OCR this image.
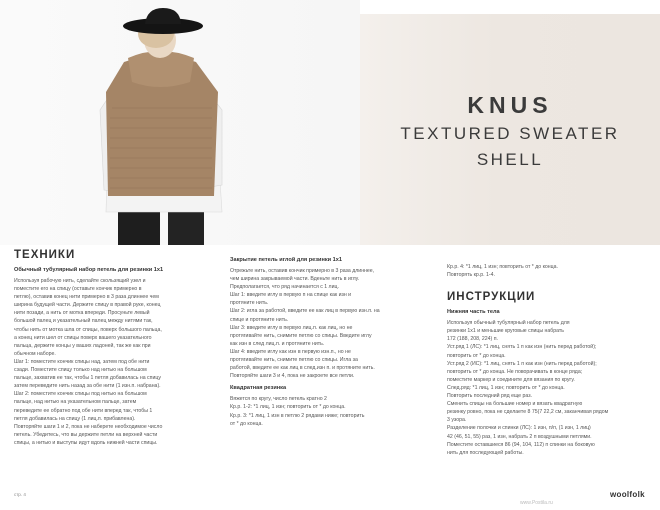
KNUS
TEXTURED SWEATER
SHELL
ТЕХНИКИ
Обычный тубулярный набор петель для резинки 1х1
Используя рабочую нить, сделайте скользящий узел и
поместите его на спицу (оставьте кончик примерно в
петлю), оставив конец нити примерно в 3 раза длиннее чем
ширина будущей части. Держите спицу в правой руке, конец
нити позади, а нить от мотка впереди. Просуньте левый
большой палец и указательный палец между нитями так,
чтобы нить от мотка шла от спицы, поверх большого пальца,
а конец нити шел от спицы поверх вашего указательного
пальца, держите концы у ваших ладоней, так же как при
обычном наборе.
Шаг 1: поместите кончик спицы над, затем под обе нити
сзади. Поместите спицу только над нитью на большом
пальце, захватив ее так, чтобы 1 петля добавилась на спицу
затем переведите нить назад за обе нити (1 изн.п. набрана).
Шаг 2: поместите кончик спицы под нитью на большом
пальце, над нитью на указательном пальце, затем
переведите ее обратно под обе нити вперед так, чтобы 1
петля добавилась на спицу (1 лиц.п. прибавлена).
Повторяйте шаги 1 и 2, пока не наберете необходимое число
петель. Убедитесь, что вы держите петли на верхней части
спицы, а нитью и выступы идут вдоль нижней части спицы.
Закрытие петель иглой для резинки 1х1
Отрежьте нить, оставив кончик примерно в 3 раза длиннее,
чем ширина закрываемой части. Вденьте нить в иглу.
Предполагается, что ряд начинается с 1 лиц.
Шаг 1: введите иглу в первую п на спице как изн и
протяните нить.
Шаг 2: игла за работой, введите ее как лиц в первую изн.п. на
спице и протяните нить.
Шаг 3: введите иглу в первую лиц.п. как лиц, но не
протягивайте нить, снимите петлю со спицы. Введите иглу
как изн в след лиц.п. и протяните нить.
Шаг 4: введите иглу как изн в первую изн.п., но не
протягивайте нить, снимите петлю со спицы. Игла за
работой, введите ее как лиц в след.изн п. и протяните нить.
Повторяйте шаги 3 и 4, пока не закроете все петли.
Квадратная резинка
Вяжется по кругу, число петель кратно 2
Кр.р. 1-2: *1 лиц, 1 изн; повторить от * до конца.
Кр.р. 3: *1 лиц, 1 изн в петлю 2 рядами ниже; повторить
от * до конца.
Кр.р. 4: *1 лиц, 1 изн; повторить от * до конца.
Повторять кр.р. 1-4.
ИНСТРУКЦИИ
Нижняя часть тела
Используя обычный тубулярный набор петель для
резинки 1х1 и меньшие круговые спицы набрать
172 (188, 208, 224) п.
Уст.ряд 1 (ЛС): *1 лиц, снять 1 п как изн (нить перед работой);
повторить от * до конца.
Уст.ряд 2 (ИС): *1 лиц, снять 1 п как изн (нить перед работой);
повторить от * до конца. Не поворачивать в конце ряда;
поместите маркер и соедините для вязания по кругу.
След.ряд: *1 лиц, 1 изн; повторить от * до конца.
Повторить последний ряд еще раз.
Сменить спицы на большие номер и вязать квадратную
резинку ровно, пока не сделаете 8 75(7 22,2 см, заканчивая рядом
3 узора.
Разделение полочки и спинки (ЛС): 1 изн, п/п, (1 изн, 1 лиц)
42 (46, 51, 55) раз, 1 изн, набрать 2 п воздушными петлями.
Поместите оставшиеся 86 (94, 104, 112) п спинки на боковую
нить для последующей работы.
стр. 4	woolfolk
www.Postila.ru
